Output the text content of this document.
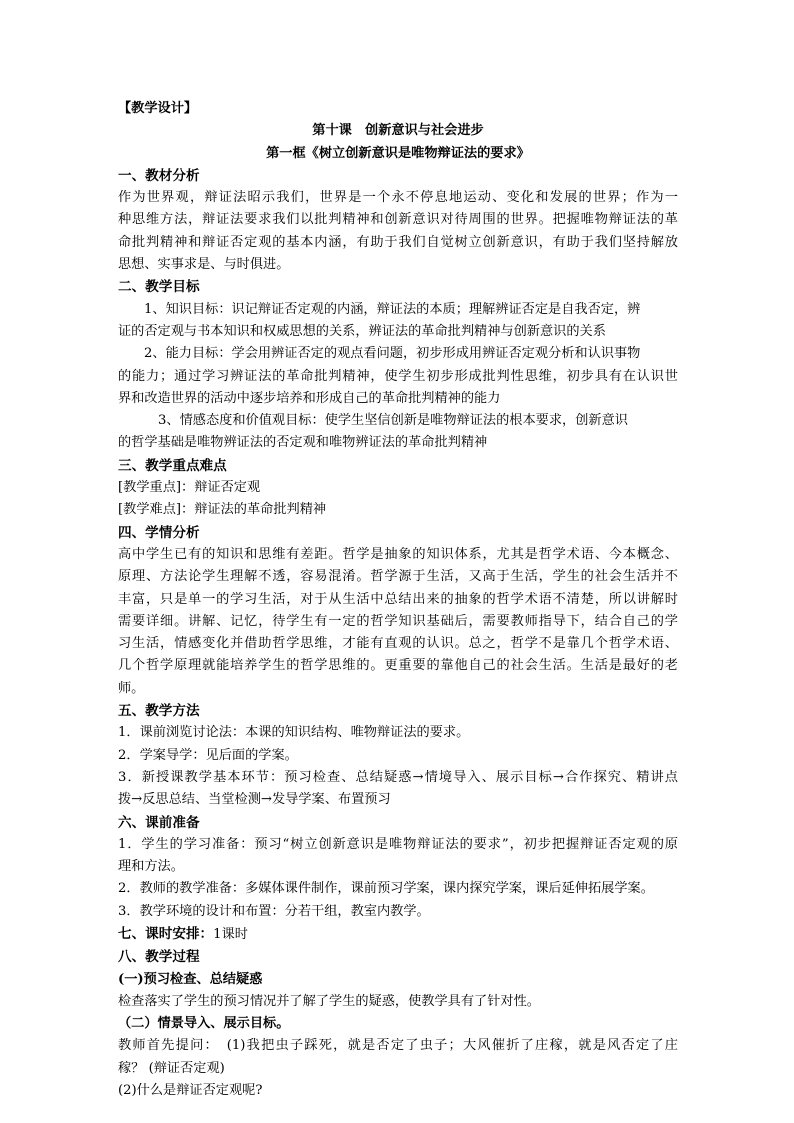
【教学设计】
第十课　创新意识与社会进步
第一框《树立创新意识是唯物辩证法的要求》
一、教材分析
作为世界观，辩证法昭示我们，世界是一个永不停息地运动、变化和发展的世界；作为一
种思维方法，辩证法要求我们以批判精神和创新意识对待周围的世界。把握唯物辩证法的革
命批判精神和辩证否定观的基本内涵，有助于我们自觉树立创新意识，有助于我们坚持解放
思想、实事求是、与时俱进。
二、教学目标
1、知识目标：识记辩证否定观的内涵，辩证法的本质；理解辨证否定是自我否定，辨
证的否定观与书本知识和权威思想的关系，辨证法的革命批判精神与创新意识的关系
2、能力目标：学会用辨证否定的观点看问题，初步形成用辨证否定观分析和认识事物
的能力；通过学习辨证法的革命批判精神，使学生初步形成批判性思维，初步具有在认识世
界和改造世界的活动中逐步培养和形成自己的革命批判精神的能力
3、情感态度和价值观目标：使学生坚信创新是唯物辩证法的根本要求，创新意识
的哲学基础是唯物辨证法的否定观和唯物辨证法的革命批判精神
三、教学重点难点
[教学重点]：辩证否定观
[教学难点]：辩证法的革命批判精神
四、学情分析
高中学生已有的知识和思维有差距。哲学是抽象的知识体系，尤其是哲学术语、今本概念、
原理、方法论学生理解不透，容易混淆。哲学源于生活，又高于生活，学生的社会生活并不
丰富，只是单一的学习生活，对于从生活中总结出来的抽象的哲学术语不清楚，所以讲解时
需要详细。讲解、记忆，待学生有一定的哲学知识基础后，需要教师指导下，结合自己的学
习生活，情感变化并借助哲学思维，才能有直观的认识。总之，哲学不是靠几个哲学术语、
几个哲学原理就能培养学生的哲学思维的。更重要的靠他自己的社会生活。生活是最好的老
师。
五、教学方法
1．课前浏览讨论法：本课的知识结构、唯物辩证法的要求。
2．学案导学：见后面的学案。
3．新授课教学基本环节：预习检查、总结疑惑→情境导入、展示目标→合作探究、精讲点
拨→反思总结、当堂检测→发导学案、布置预习
六、课前准备
1．学生的学习准备：预习“树立创新意识是唯物辩证法的要求”，初步把握辩证否定观的原
理和方法。
2．教师的教学准备：多媒体课件制作，课前预习学案，课内探究学案，课后延伸拓展学案。
3．教学环境的设计和布置：分若干组，教室内教学。
七、课时安排：1课时
八、教学过程
(一)预习检查、总结疑惑
检查落实了学生的预习情况并了解了学生的疑惑，使教学具有了针对性。
（二）情景导入、展示目标。
教师首先提问：　(1)我把虫子踩死，就是否定了虫子；大风催折了庄稼，就是风否定了庄
稼？ (辩证否定观)
(2)什么是辩证否定观呢?
